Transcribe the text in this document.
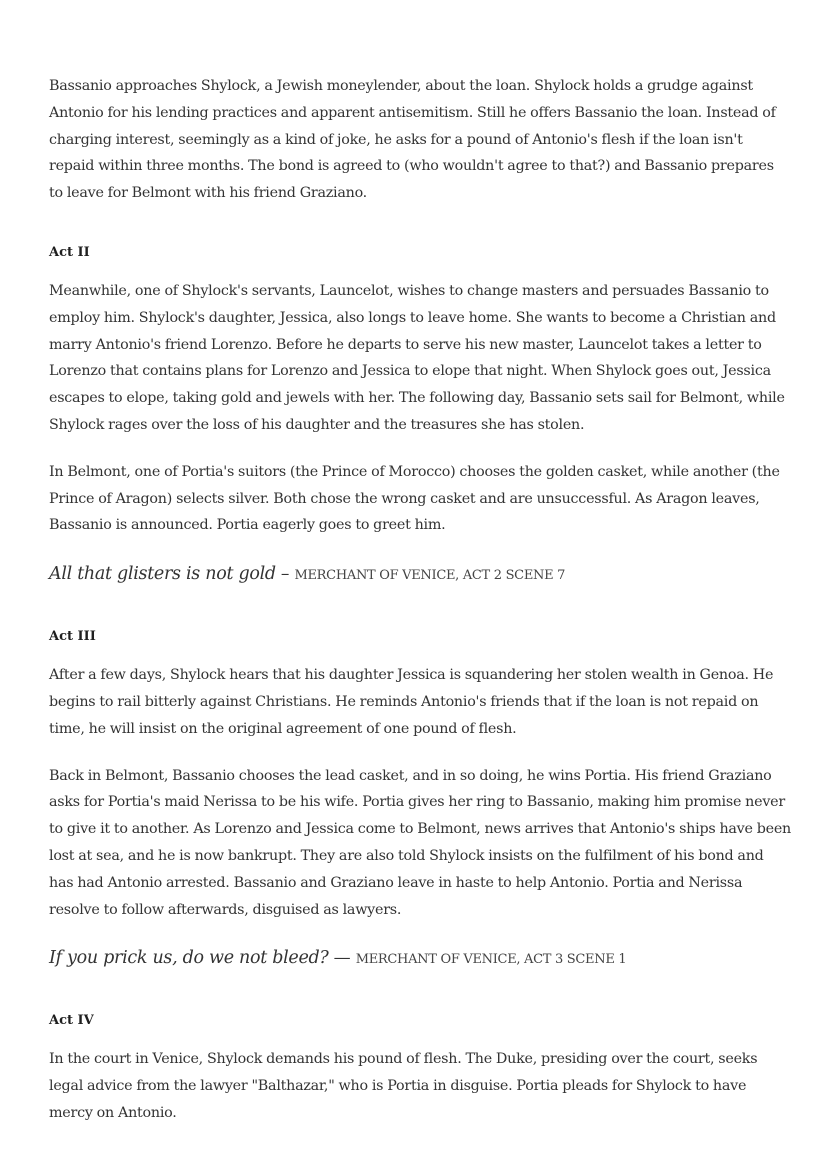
Bassanio approaches Shylock, a Jewish moneylender, about the loan. Shylock holds a grudge against Antonio for his lending practices and apparent antisemitism. Still he offers Bassanio the loan. Instead of charging interest, seemingly as a kind of joke, he asks for a pound of Antonio's flesh if the loan isn't repaid within three months. The bond is agreed to (who wouldn't agree to that?) and Bassanio prepares to leave for Belmont with his friend Graziano.

Act II

Meanwhile, one of Shylock's servants, Launcelot, wishes to change masters and persuades Bassanio to employ him. Shylock's daughter, Jessica, also longs to leave home. She wants to become a Christian and marry Antonio's friend Lorenzo. Before he departs to serve his new master, Launcelot takes a letter to Lorenzo that contains plans for Lorenzo and Jessica to elope that night. When Shylock goes out, Jessica escapes to elope, taking gold and jewels with her. The following day, Bassanio sets sail for Belmont, while Shylock rages over the loss of his daughter and the treasures she has stolen.

In Belmont, one of Portia's suitors (the Prince of Morocco) chooses the golden casket, while another (the Prince of Aragon) selects silver. Both chose the wrong casket and are unsuccessful. As Aragon leaves, Bassanio is announced. Portia eagerly goes to greet him.

All that glisters is not gold – MERCHANT OF VENICE, ACT 2 SCENE 7

Act III

After a few days, Shylock hears that his daughter Jessica is squandering her stolen wealth in Genoa. He begins to rail bitterly against Christians. He reminds Antonio's friends that if the loan is not repaid on time, he will insist on the original agreement of one pound of flesh.

Back in Belmont, Bassanio chooses the lead casket, and in so doing, he wins Portia. His friend Graziano asks for Portia's maid Nerissa to be his wife. Portia gives her ring to Bassanio, making him promise never to give it to another. As Lorenzo and Jessica come to Belmont, news arrives that Antonio's ships have been lost at sea, and he is now bankrupt. They are also told Shylock insists on the fulfilment of his bond and has had Antonio arrested. Bassanio and Graziano leave in haste to help Antonio. Portia and Nerissa resolve to follow afterwards, disguised as lawyers.

If you prick us, do we not bleed? — MERCHANT OF VENICE, ACT 3 SCENE 1

Act IV

In the court in Venice, Shylock demands his pound of flesh. The Duke, presiding over the court, seeks legal advice from the lawyer "Balthazar," who is Portia in disguise. Portia pleads for Shylock to have mercy on Antonio.
